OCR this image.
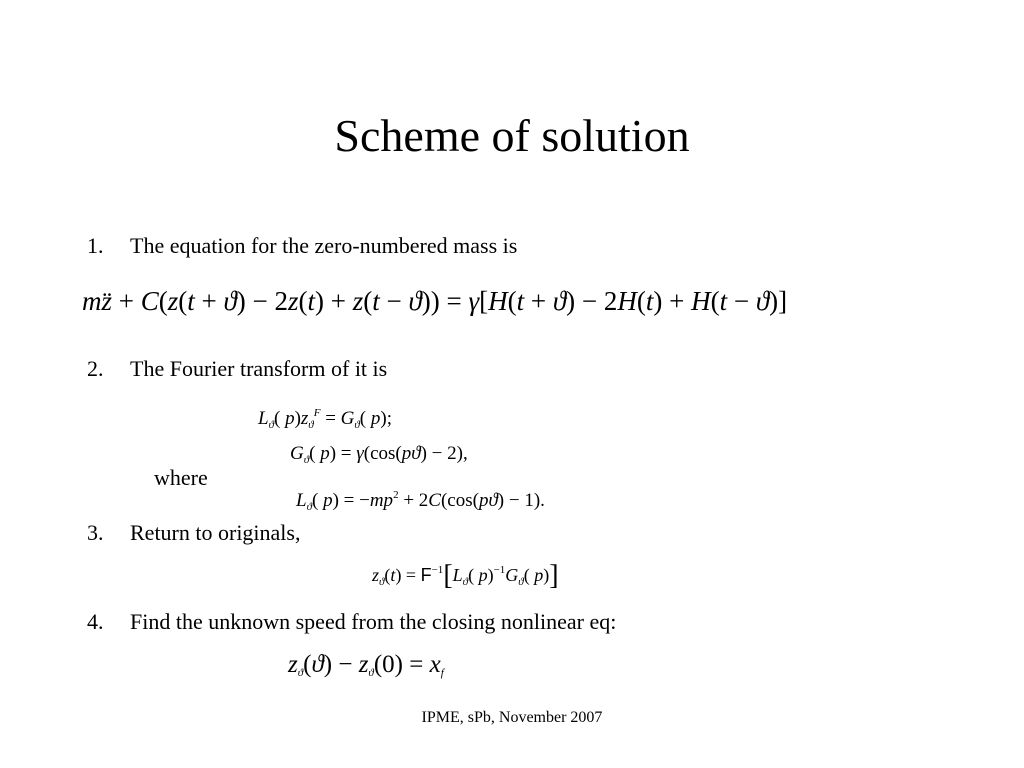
Scheme of solution
1. The equation for the zero-numbered mass is
mz̈ + C(z(t + ϑ) − 2z(t) + z(t − ϑ)) = γ[H(t + ϑ) − 2H(t) + H(t − ϑ)]
2. The Fourier transform of it is
$L_ϑ$( $p)z_ϑ^F = G_ϑ$( p);
$G_ϑ$( p) = γ(cos(pϑ) − 2),
where
$L_ϑ$( $p) = -mp^2 + 2C(\cos(pϑ) - 1)$.
3. Return to originals,
$z_ϑ(t) = F^{-1}[L_ϑ$( $p)^{-1}G_ϑ$( p)]
4. Find the unknown speed from the closing nonlinear eq:
zϑ(ϑ) − zϑ(0) = xf
IPME, sPb, November 2007
